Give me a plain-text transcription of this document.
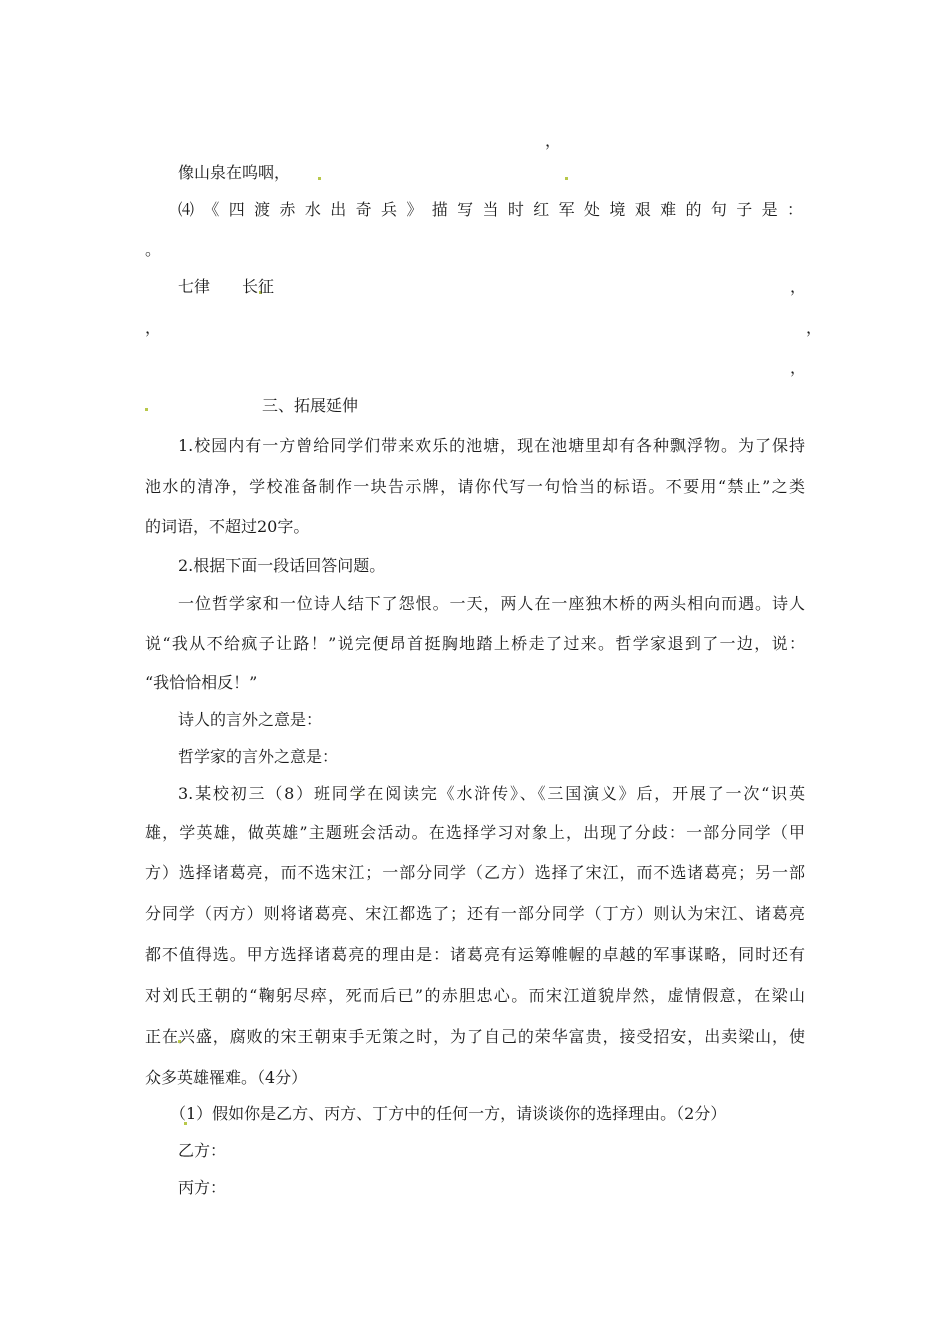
，
像山泉在呜咽，
⑷《四渡赤水出奇兵》描写当时红军处境艰难的句子是：
。
七律　　长征	，
，	，
，
三、拓展延伸
1.校园内有一方曾给同学们带来欢乐的池塘，现在池塘里却有各种飘浮物。为了保持
池水的清净，学校准备制作一块告示牌，请你代写一句恰当的标语。不要用“禁止”之类
的词语，不超过20字。
2.根据下面一段话回答问题。
一位哲学家和一位诗人结下了怨恨。一天，两人在一座独木桥的两头相向而遇。诗人
说“我从不给疯子让路！”说完便昂首挺胸地踏上桥走了过来。哲学家退到了一边，说：
“我恰恰相反！”
诗人的言外之意是：
哲学家的言外之意是：
3.某校初三（8）班同学在阅读完《水浒传》、《三国演义》后，开展了一次“识英
雄，学英雄，做英雄”主题班会活动。在选择学习对象上，出现了分歧：一部分同学（甲
方）选择诸葛亮，而不选宋江；一部分同学（乙方）选择了宋江，而不选诸葛亮；另一部
分同学（丙方）则将诸葛亮、宋江都选了；还有一部分同学（丁方）则认为宋江、诸葛亮
都不值得选。甲方选择诸葛亮的理由是：诸葛亮有运筹帷幄的卓越的军事谋略，同时还有
对刘氏王朝的“鞠躬尽瘁，死而后已”的赤胆忠心。而宋江道貌岸然，虚情假意，在梁山
正在兴盛，腐败的宋王朝束手无策之时，为了自己的荣华富贵，接受招安，出卖梁山，使
众多英雄罹难。（4分）
（1）假如你是乙方、丙方、丁方中的任何一方，请谈谈你的选择理由。（2分）
乙方：
丙方：
